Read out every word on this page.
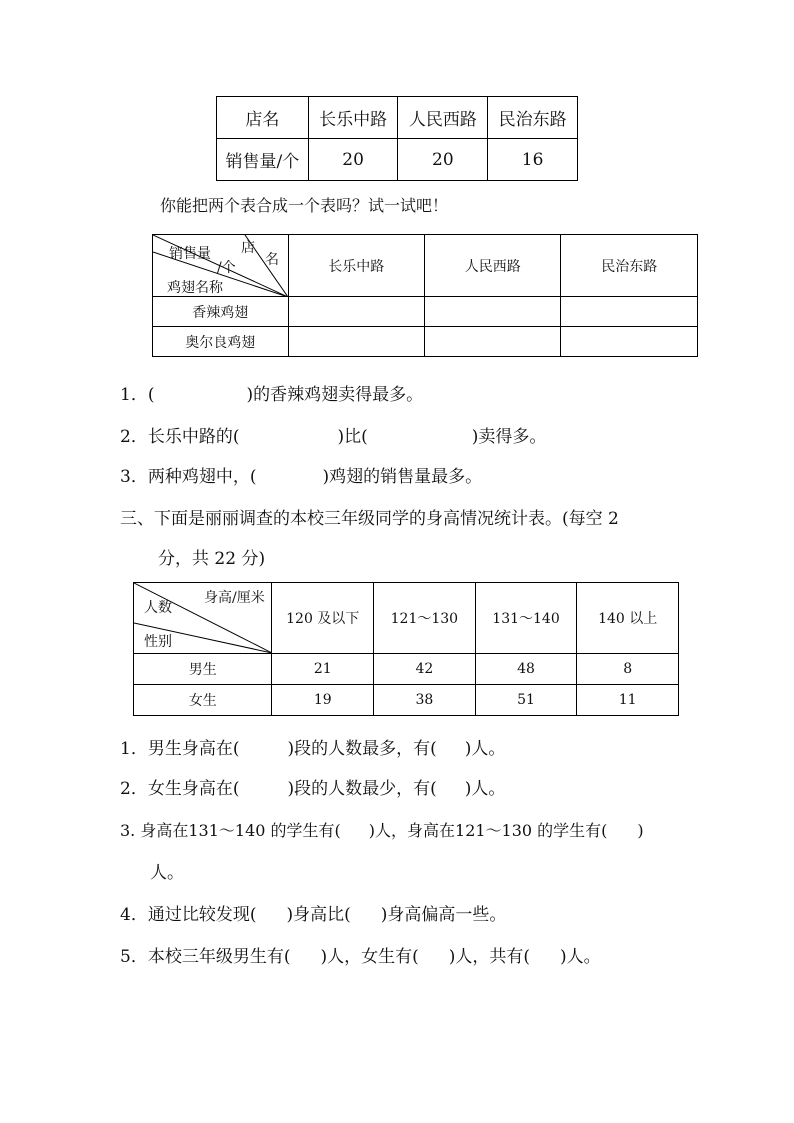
店名	长乐中路	人民西路	民治东路
销售量/个	20	20	16
你能把两个表合成一个表吗？试一试吧！
店
名
销售量
/个
鸡翅名称	长乐中路	人民西路	民治东路
香辣鸡翅			
奥尔良鸡翅			
1．(	)的香辣鸡翅卖得最多。
2．长乐中路的(	)比(	)卖得多。
3．两种鸡翅中，(	)鸡翅的销售量最多。
三、下面是丽丽调查的本校三年级同学的身高情况统计表。(每空 2
分，共 22 分)
身高/厘米
人数
性别	120 及以下	121～130	131～140	140 以上
男生	21	42	48	8
女生	19	38	51	11
1．男生身高在(	)段的人数最多，有( )人。
2．女生身高在(	)段的人数最少，有( )人。
3. 身高在131～140 的学生有( )人，身高在121～130 的学生有( )
人。
4．通过比较发现( )身高比( )身高偏高一些。
5．本校三年级男生有( )人，女生有( )人，共有( )人。
